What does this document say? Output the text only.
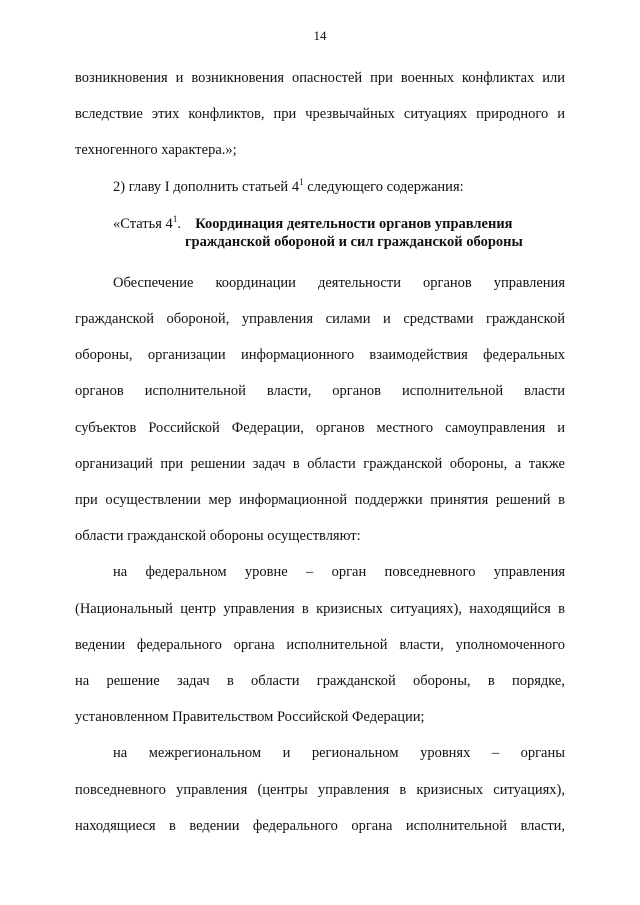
14

возникновения и возникновения опасностей при военных конфликтах или

вследствие этих конфликтов, при чрезвычайных ситуациях природного и

техногенного характера.»;

2) главу I дополнить статьей $4^1$ следующего содержания:

«Статья $4^1$. Координация деятельности органов управления
гражданской обороной и сил гражданской обороны

Обеспечение координации деятельности органов управления

гражданской обороной, управления силами и средствами гражданской

обороны, организации информационного взаимодействия федеральных

органов исполнительной власти, органов исполнительной власти

субъектов Российской Федерации, органов местного самоуправления и

организаций при решении задач в области гражданской обороны, а также

при осуществлении мер информационной поддержки принятия решений в

области гражданской обороны осуществляют:

на федеральном уровне – орган повседневного управления

(Национальный центр управления в кризисных ситуациях), находящийся в

ведении федерального органа исполнительной власти, уполномоченного

на решение задач в области гражданской обороны, в порядке,

установленном Правительством Российской Федерации;

на межрегиональном и региональном уровнях – органы

повседневного управления (центры управления в кризисных ситуациях),

находящиеся в ведении федерального органа исполнительной власти,
